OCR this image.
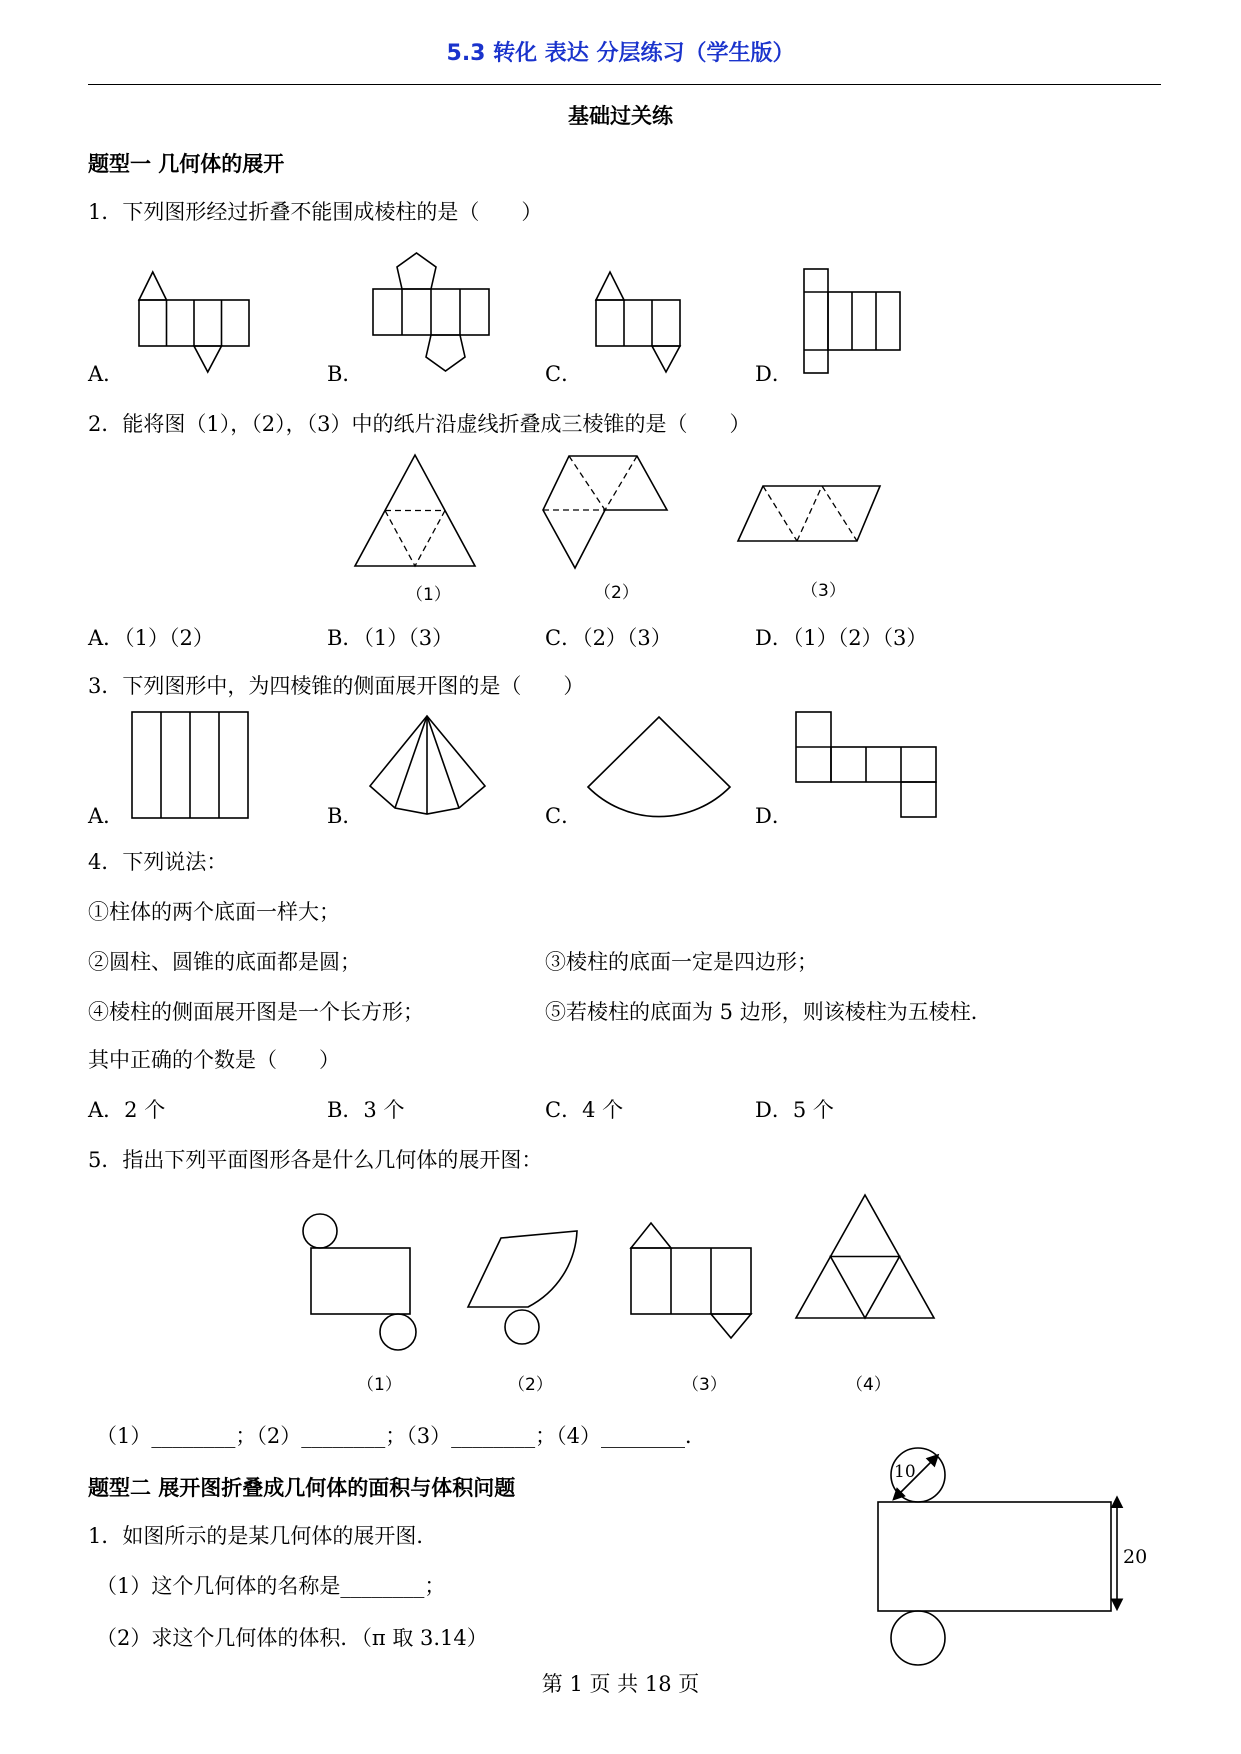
5.3 转化 表达 分层练习（学生版）
基础过关练
题型一 几何体的展开
1．下列图形经过折叠不能围成棱柱的是（　　）
A．	B．	C．	D．
2．能将图（1），（2），（3）中的纸片沿虚线折叠成三棱锥的是（　　）
（1）	（2）	（3）
A．（1）（2）	B．（1）（3）	C．（2）（3）	D．（1）（2）（3）
3．下列图形中，为四棱锥的侧面展开图的是（　　）
A．	B．	C．	D．
4．下列说法：
①柱体的两个底面一样大；
②圆柱、圆锥的底面都是圆；	③棱柱的底面一定是四边形；
④棱柱的侧面展开图是一个长方形；	⑤若棱柱的底面为 5 边形，则该棱柱为五棱柱．
其中正确的个数是（　　）
A．2 个	B．3 个	C．4 个	D．5 个
5．指出下列平面图形各是什么几何体的展开图：
（1）	（2）	（3）	（4）
（1）________；（2）________；（3）________；（4）________．
题型二 展开图折叠成几何体的面积与体积问题
1．如图所示的是某几何体的展开图．
（1）这个几何体的名称是________；
（2）求这个几何体的体积．（π 取 3.14）
10
20
第 1 页 共 18 页
